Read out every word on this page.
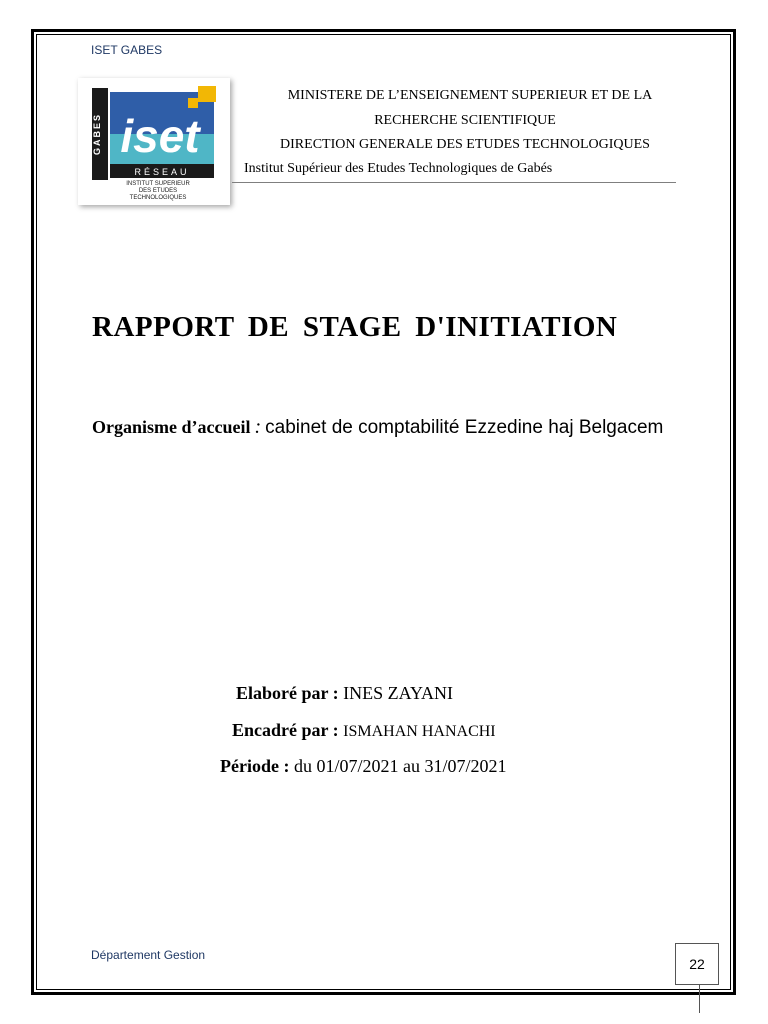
ISET GABES
GABES iset
RÉSEAU
INSTITUT SUPERIEUR
DES ETUDES
TECHNOLOGIQUES
MINISTERE DE L’ENSEIGNEMENT SUPERIEUR ET DE LA
RECHERCHE SCIENTIFIQUE
DIRECTION GENERALE DES ETUDES TECHNOLOGIQUES
Institut Supérieur des Etudes Technologiques de Gabés
RAPPORT DE STAGE D'INITIATION
Organisme d’accueil : cabinet de comptabilité Ezzedine haj Belgacem
Elaboré par : INES ZAYANI
Encadré par : ISMAHAN HANACHI
Période : du 01/07/2021 au 31/07/2021
Département Gestion
22
